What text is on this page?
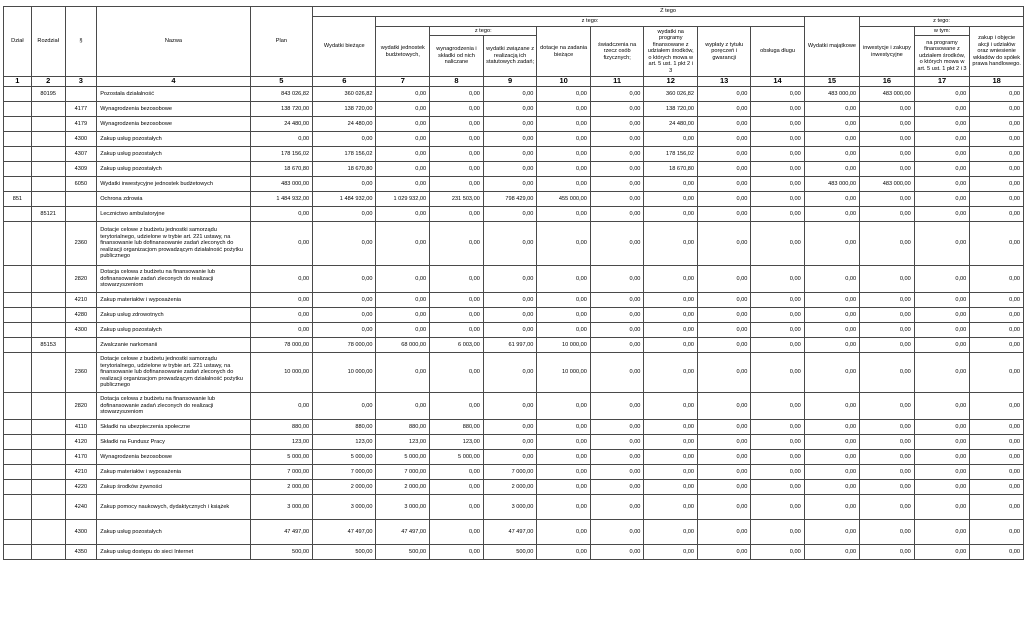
Dział	Rozdział	§	Nazwa	Plan	Z tego												
					Wydatki bieżące	z tego:								Wydatki majątkowe	z tego:		
						wydatki jednostek budżetowych,	z tego:		dotacje na zadania bieżące	świadczenia na rzecz osób fizycznych;	wydatki na programy finansowane z udziałem środków, o których mowa w art. 5 ust. 1 pkt 2 i 3	wypłaty z tytułu poręczeń i gwarancji	obsługa długu		inwestycje i zakupy inwestycyjne	w tym:	zakup i objęcie akcji i udziałów oraz wniesienie wkładów do spółek prawa handlowego.
							wynagrodzenia i składki od nich naliczane	wydatki związane z realizacją ich statutowych zadań;								na programy finansowane z udziałem środków, o których mowa w art. 5 ust. 1 pkt 2 i 3	

1	2	3	4	5	6	7	8	9	10	11	12	13	14	15	16	17	18
	80195		Pozostała działalność	843 026,82	360 026,82	0,00	0,00	0,00	0,00	0,00	360 026,82	0,00	0,00	483 000,00	483 000,00	0,00	0,00
		4177	Wynagrodzenia bezosobowe	138 720,00	138 720,00	0,00	0,00	0,00	0,00	0,00	138 720,00	0,00	0,00	0,00	0,00	0,00	0,00
		4179	Wynagrodzenia bezosobowe	24 480,00	24 480,00	0,00	0,00	0,00	0,00	0,00	24 480,00	0,00	0,00	0,00	0,00	0,00	0,00
		4300	Zakup usług pozostałych	0,00	0,00	0,00	0,00	0,00	0,00	0,00	0,00	0,00	0,00	0,00	0,00	0,00	0,00
		4307	Zakup usług pozostałych	178 156,02	178 156,02	0,00	0,00	0,00	0,00	0,00	178 156,02	0,00	0,00	0,00	0,00	0,00	0,00
		4309	Zakup usług pozostałych	18 670,80	18 670,80	0,00	0,00	0,00	0,00	0,00	18 670,80	0,00	0,00	0,00	0,00	0,00	0,00
		6050	Wydatki inwestycyjne jednostek budżetowych	483 000,00	0,00	0,00	0,00	0,00	0,00	0,00	0,00	0,00	0,00	483 000,00	483 000,00	0,00	0,00
851			Ochrona zdrowia	1 484 932,00	1 484 932,00	1 029 932,00	231 503,00	798 429,00	455 000,00	0,00	0,00	0,00	0,00	0,00	0,00	0,00	0,00
	85121		Lecznictwo ambulatoryjne	0,00	0,00	0,00	0,00	0,00	0,00	0,00	0,00	0,00	0,00	0,00	0,00	0,00	0,00
		2360	Dotacje celowe z budżetu jednostki samorządu terytorialnego, udzielone w trybie art. 221 ustawy, na finansowanie lub dofinansowanie zadań zleconych do realizacji organizacjom prowadzącym działalność pożytku publicznego	0,00	0,00	0,00	0,00	0,00	0,00	0,00	0,00	0,00	0,00	0,00	0,00	0,00	0,00
		2820	Dotacja celowa z budżetu na finansowanie lub dofinansowanie zadań zleconych do realizacji stowarzyszeniom	0,00	0,00	0,00	0,00	0,00	0,00	0,00	0,00	0,00	0,00	0,00	0,00	0,00	0,00
		4210	Zakup materiałów i wyposażenia	0,00	0,00	0,00	0,00	0,00	0,00	0,00	0,00	0,00	0,00	0,00	0,00	0,00	0,00
		4280	Zakup usług zdrowotnych	0,00	0,00	0,00	0,00	0,00	0,00	0,00	0,00	0,00	0,00	0,00	0,00	0,00	0,00
		4300	Zakup usług pozostałych	0,00	0,00	0,00	0,00	0,00	0,00	0,00	0,00	0,00	0,00	0,00	0,00	0,00	0,00
	85153		Zwalczanie narkomanii	78 000,00	78 000,00	68 000,00	6 003,00	61 997,00	10 000,00	0,00	0,00	0,00	0,00	0,00	0,00	0,00	0,00
		2360	Dotacje celowe z budżetu jednostki samorządu terytorialnego, udzielone w trybie art. 221 ustawy, na finansowanie lub dofinansowanie zadań zleconych do realizacji organizacjom prowadzącym działalność pożytku publicznego	10 000,00	10 000,00	0,00	0,00	0,00	10 000,00	0,00	0,00	0,00	0,00	0,00	0,00	0,00	0,00
		2820	Dotacja celowa z budżetu na finansowanie lub dofinansowanie zadań zleconych do realizacji stowarzyszeniom	0,00	0,00	0,00	0,00	0,00	0,00	0,00	0,00	0,00	0,00	0,00	0,00	0,00	0,00
		4110	Składki na ubezpieczenia społeczne	880,00	880,00	880,00	880,00	0,00	0,00	0,00	0,00	0,00	0,00	0,00	0,00	0,00	0,00
		4120	Składki na Fundusz Pracy	123,00	123,00	123,00	123,00	0,00	0,00	0,00	0,00	0,00	0,00	0,00	0,00	0,00	0,00
		4170	Wynagrodzenia bezosobowe	5 000,00	5 000,00	5 000,00	5 000,00	0,00	0,00	0,00	0,00	0,00	0,00	0,00	0,00	0,00	0,00
		4210	Zakup materiałów i wyposażenia	7 000,00	7 000,00	7 000,00	0,00	7 000,00	0,00	0,00	0,00	0,00	0,00	0,00	0,00	0,00	0,00
		4220	Zakup środków żywności	2 000,00	2 000,00	2 000,00	0,00	2 000,00	0,00	0,00	0,00	0,00	0,00	0,00	0,00	0,00	0,00
		4240	Zakup pomocy naukowych, dydaktycznych i książek	3 000,00	3 000,00	3 000,00	0,00	3 000,00	0,00	0,00	0,00	0,00	0,00	0,00	0,00	0,00	0,00
		4300	Zakup usług pozostałych	47 497,00	47 497,00	47 497,00	0,00	47 497,00	0,00	0,00	0,00	0,00	0,00	0,00	0,00	0,00	0,00
		4350	Zakup usług dostępu do sieci Internet	500,00	500,00	500,00	0,00	500,00	0,00	0,00	0,00	0,00	0,00	0,00	0,00	0,00	0,00
